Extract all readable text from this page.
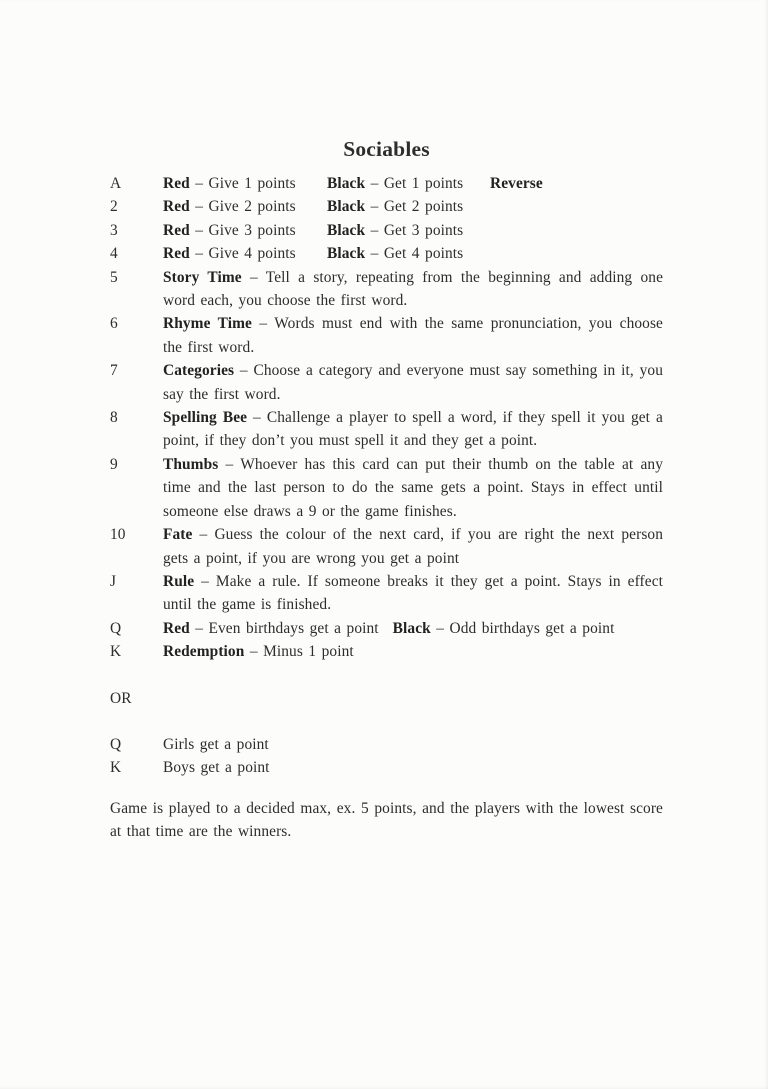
Sociables
A	Red – Give 1 points Black – Get 1 points Reverse
2	Red – Give 2 points Black – Get 2 points
3	Red – Give 3 points Black – Get 3 points
4	Red – Give 4 points Black – Get 4 points
5	Story Time – Tell a story, repeating from the beginning and adding one word each, you choose the first word.
6	Rhyme Time – Words must end with the same pronunciation, you choose the first word.
7	Categories – Choose a category and everyone must say something in it, you say the first word.
8	Spelling Bee – Challenge a player to spell a word, if they spell it you get a point, if they don’t you must spell it and they get a point.
9	Thumbs – Whoever has this card can put their thumb on the table at any time and the last person to do the same gets a point. Stays in effect until someone else draws a 9 or the game finishes.
10	Fate – Guess the colour of the next card, if you are right the next person gets a point, if you are wrong you get a point
J	Rule – Make a rule. If someone breaks it they get a point. Stays in effect until the game is finished.
Q	Red – Even birthdays get a point Black – Odd birthdays get a point
K	Redemption – Minus 1 point
OR
Q	Girls get a point
K	Boys get a point

Game is played to a decided max, ex. 5 points, and the players with the lowest score at that time are the winners.
